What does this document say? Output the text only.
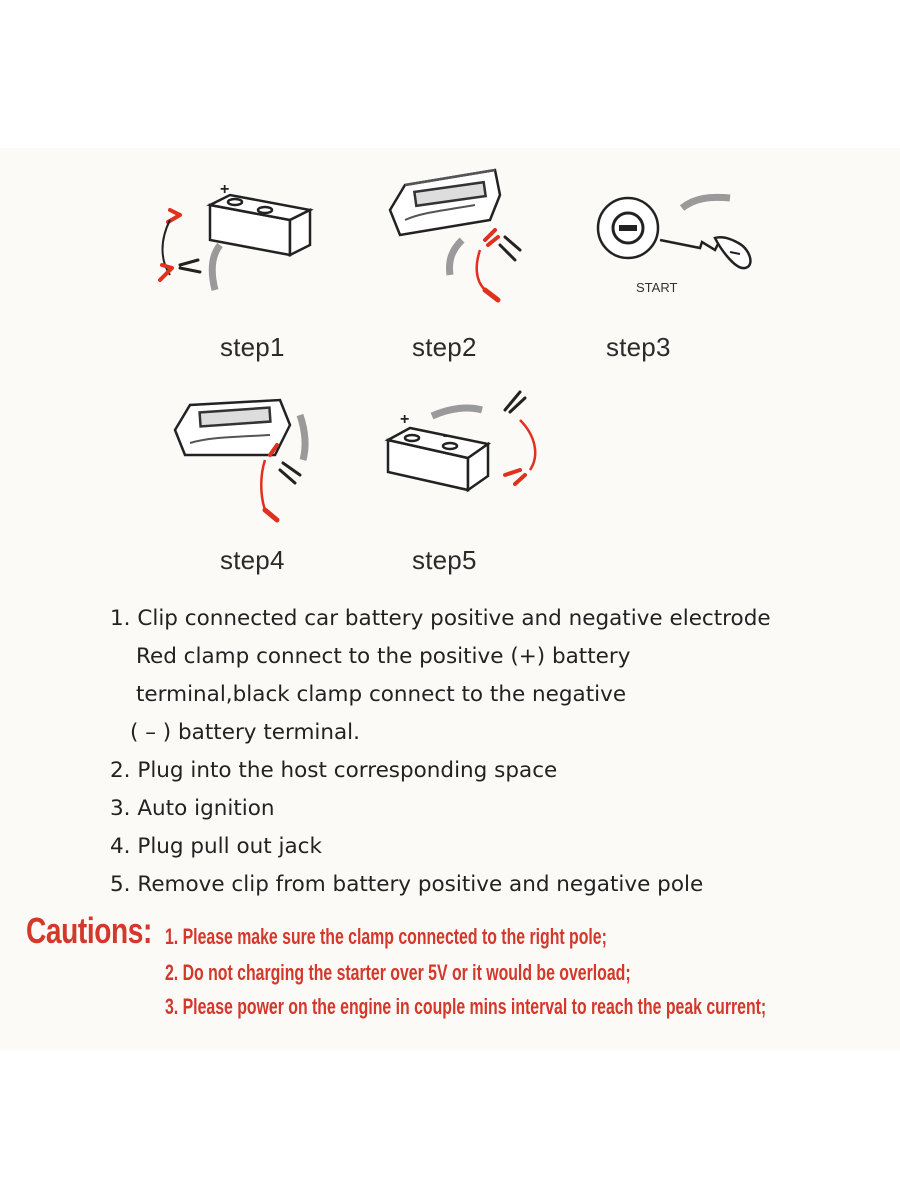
+
–
START
step1	step2	step3
+
–
step4	step5
1. Clip connected car battery positive and negative electrode
Red clamp connect to the positive (+) battery
terminal,black clamp connect to the negative
( – ) battery terminal.
2. Plug into the host corresponding space
3. Auto ignition
4. Plug pull out jack
5. Remove clip from battery positive and negative pole
Cautions: 1. Please make sure the clamp connected to the right pole;
2. Do not charging the starter over 5V or it would be overload;
3. Please power on the engine in couple mins interval to reach the peak current;
